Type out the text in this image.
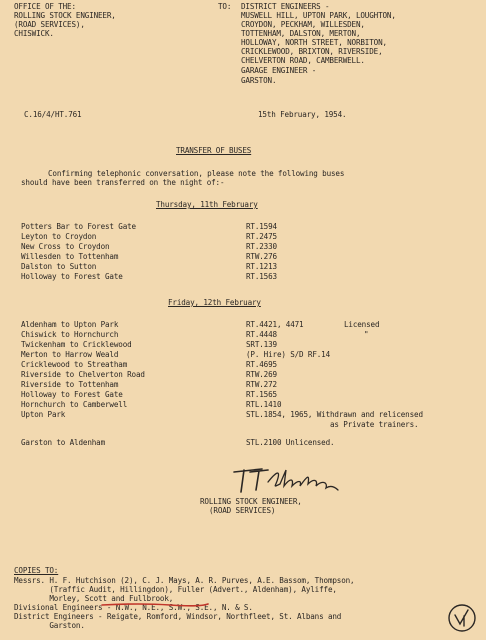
OFFICE OF THE:
ROLLING STOCK ENGINEER,
(ROAD SERVICES),
CHISWICK.
TO: DISTRICT ENGINEERS -
MUSWELL HILL, UPTON PARK, LOUGHTON,
CROYDON, PECKHAM, WILLESDEN,
TOTTENHAM, DALSTON, MERTON,
HOLLOWAY, NORTH STREET, NORBITON,
CRICKLEWOOD, BRIXTON, RIVERSIDE,
CHELVERTON ROAD, CAMBERWELL.
GARAGE ENGINEER -
GARSTON.
C.16/4/HT.761	15th February, 1954.
TRANSFER OF BUSES
Confirming telephonic conversation, please note the following buses
should have been transferred on the night of:-
Thursday, 11th February
Potters Bar to Forest Gate	RT.1594
Leyton to Croydon	RT.2475
New Cross to Croydon	RT.2330
Willesden to Tottenham	RTW.276
Dalston to Sutton	RT.1213
Holloway to Forest Gate	RT.1563
Friday, 12th February
Aldenham to Upton Park	RT.4421, 4471	Licensed
Chiswick to Hornchurch	RT.4448	"
Twickenham to Cricklewood	SRT.139
Merton to Harrow Weald	(P. Hire) S/D RF.14
Cricklewood to Streatham	RT.4695
Riverside to Chelverton Road	RTW.269
Riverside to Tottenham	RTW.272
Holloway to Forest Gate	RT.1565
Hornchurch to Camberwell	RTL.1410
Upton Park	STL.1854, 1965, Withdrawn and relicensed
as Private trainers.
Garston to Aldenham	STL.2100 Unlicensed.
ROLLING STOCK ENGINEER,
(ROAD SERVICES)
COPIES TO:
Messrs. H. F. Hutchison (2), C. J. Mays, A. R. Purves, A.E. Bassom, Thompson,
(Traffic Audit, Hillingdon), Fuller (Advert., Aldenham), Ayliffe,
Morley, Scott and Fullbrook,
Divisional Engineers - N.W., N.E., S.W., S.E., N. & S.
District Engineers - Reigate, Romford, Windsor, Northfleet, St. Albans and
Garston.
